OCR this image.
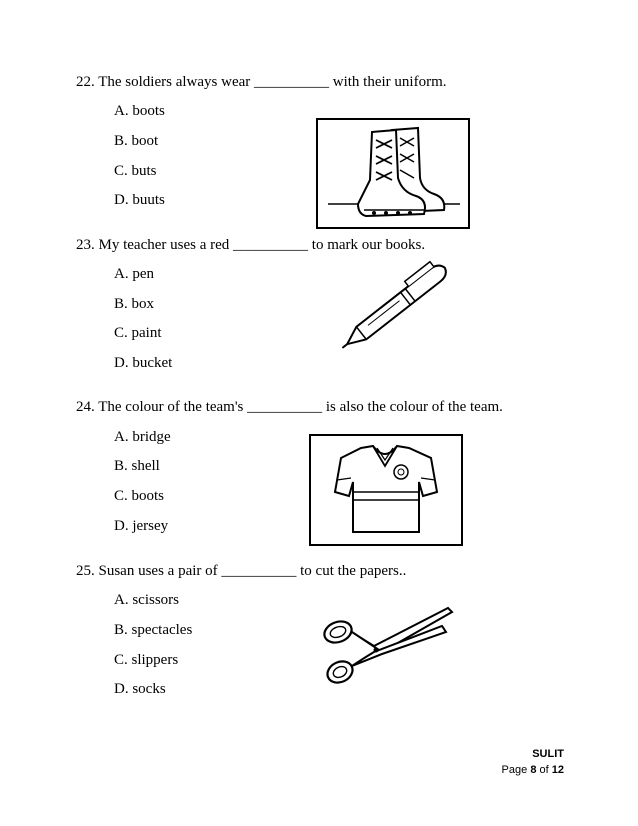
22. The soldiers always wear __________ with their uniform.
A. boots
B. boot
C. buts
D. buuts
23. My teacher uses a red __________ to mark our books.
A. pen
B. box
C. paint
D. bucket
24. The colour of the team's __________ is also the colour of the team.
A. bridge
B. shell
C. boots
D. jersey
25. Susan uses a pair of __________ to cut the papers..
A. scissors
B. spectacles
C. slippers
D. socks
SULIT
Page 8 of 12
